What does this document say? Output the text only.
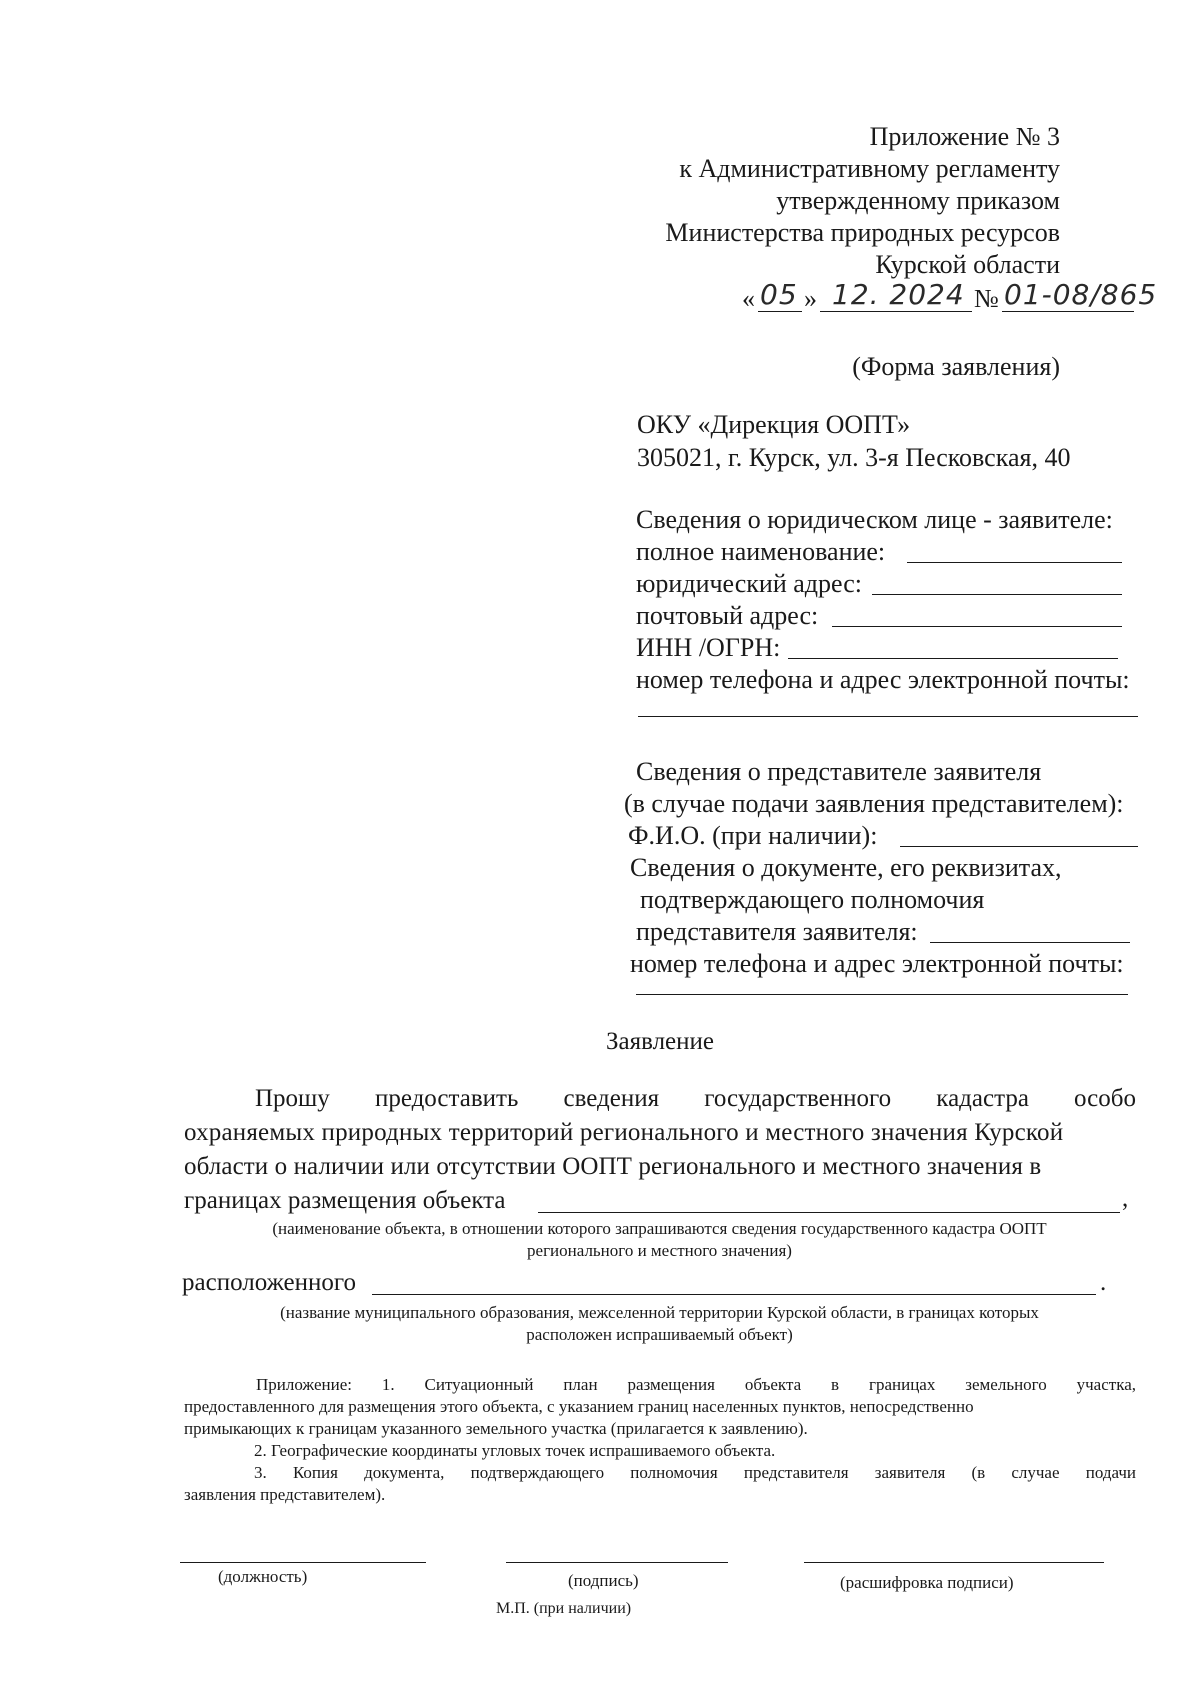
Приложение № 3
к Административному регламенту
утвержденному приказом
Министерства природных ресурсов
Курской области
« 05 » 12. 2024 № 01-08/865
(Форма заявления)
ОКУ «Дирекция ООПТ»
305021, г. Курск, ул. 3-я Песковская, 40
Сведения о юридическом лице - заявителе:
полное наименование:
юридический адрес:
почтовый адрес:
ИНН /ОГРН:
номер телефона и адрес электронной почты:
Сведения о представителе заявителя
(в случае подачи заявления представителем):
Ф.И.О. (при наличии):
Сведения о документе, его реквизитах,
подтверждающего полномочия
представителя заявителя:
номер телефона и адрес электронной почты:
Заявление
Прошу предоставить сведения государственного кадастра особо
охраняемых природных территорий регионального и местного значения Курской
области о наличии или отсутствии ООПТ регионального и местного значения в
границах размещения объекта	,
(наименование объекта, в отношении которого запрашиваются сведения государственного кадастра ООПТ
регионального и местного значения)
расположенного	.
(название муниципального образования, межселенной территории Курской области, в границах которых
расположен испрашиваемый объект)
Приложение: 1. Ситуационный план размещения объекта в границах земельного участка,
предоставленного для размещения этого объекта, с указанием границ населенных пунктов, непосредственно
примыкающих к границам указанного земельного участка (прилагается к заявлению).
2. Географические координаты угловых точек испрашиваемого объекта.
3. Копия документа, подтверждающего полномочия представителя заявителя (в случае подачи
заявления представителем).
(должность)	(подпись)	(расшифровка подписи)
М.П. (при наличии)
